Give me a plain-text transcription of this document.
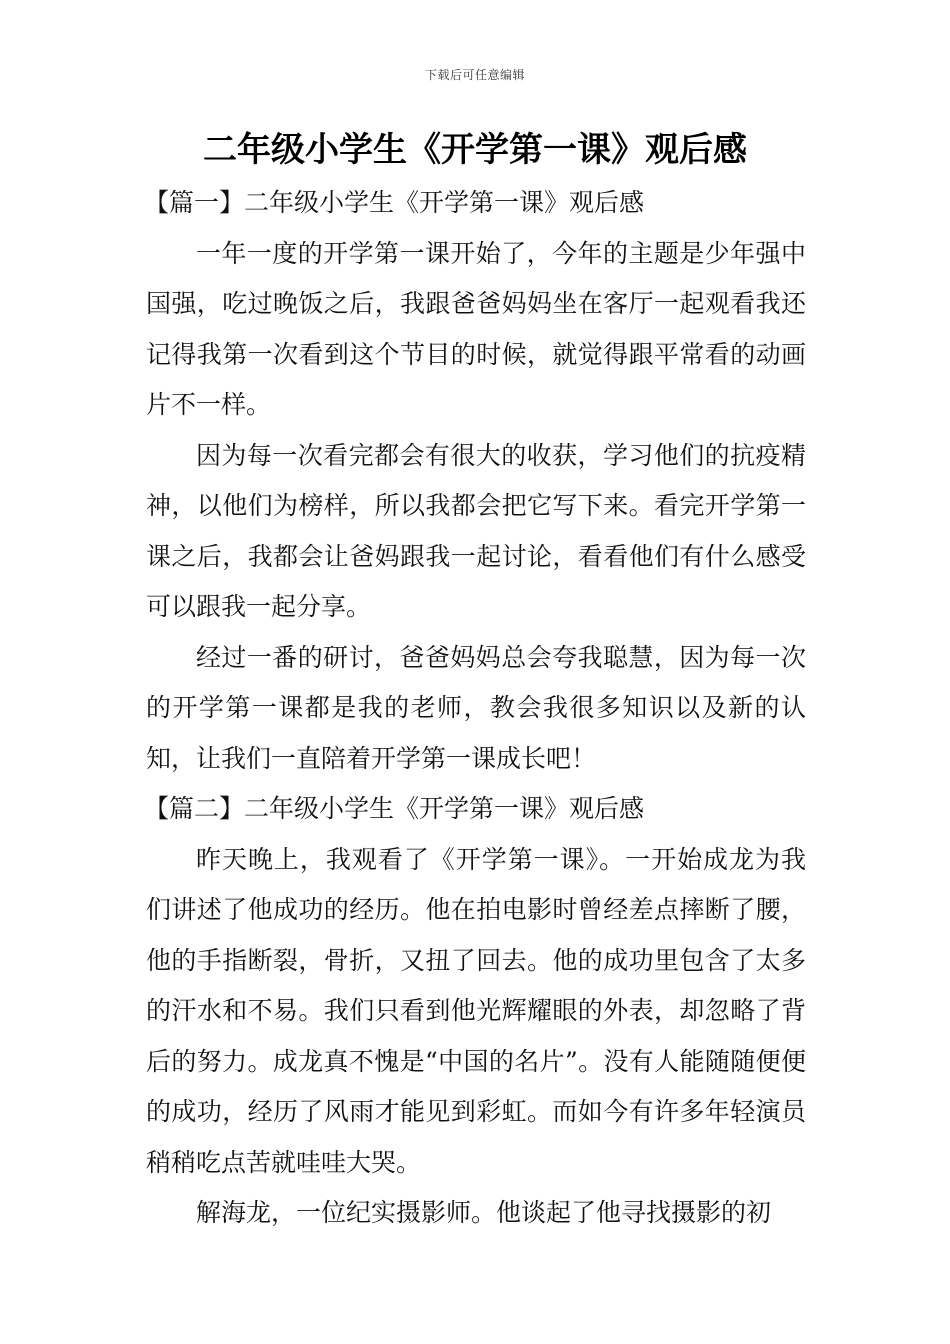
下载后可任意编辑
二年级小学生《开学第一课》观后感
【篇一】二年级小学生《开学第一课》观后感

一年一度的开学第一课开始了，今年的主题是少年强中国强，吃过晚饭之后，我跟爸爸妈妈坐在客厅一起观看我还记得我第一次看到这个节目的时候，就觉得跟平常看的动画片不一样。

因为每一次看完都会有很大的收获，学习他们的抗疫精神，以他们为榜样，所以我都会把它写下来。看完开学第一课之后，我都会让爸妈跟我一起讨论，看看他们有什么感受可以跟我一起分享。

经过一番的研讨，爸爸妈妈总会夸我聪慧，因为每一次的开学第一课都是我的老师，教会我很多知识以及新的认知，让我们一直陪着开学第一课成长吧！

【篇二】二年级小学生《开学第一课》观后感

昨天晚上，我观看了《开学第一课》。一开始成龙为我们讲述了他成功的经历。他在拍电影时曾经差点摔断了腰，他的手指断裂，骨折，又扭了回去。他的成功里包含了太多的汗水和不易。我们只看到他光辉耀眼的外表，却忽略了背后的努力。成龙真不愧是“中国的名片”。没有人能随随便便的成功，经历了风雨才能见到彩虹。而如今有许多年轻演员稍稍吃点苦就哇哇大哭。

解海龙，一位纪实摄影师。他谈起了他寻找摄影的初
